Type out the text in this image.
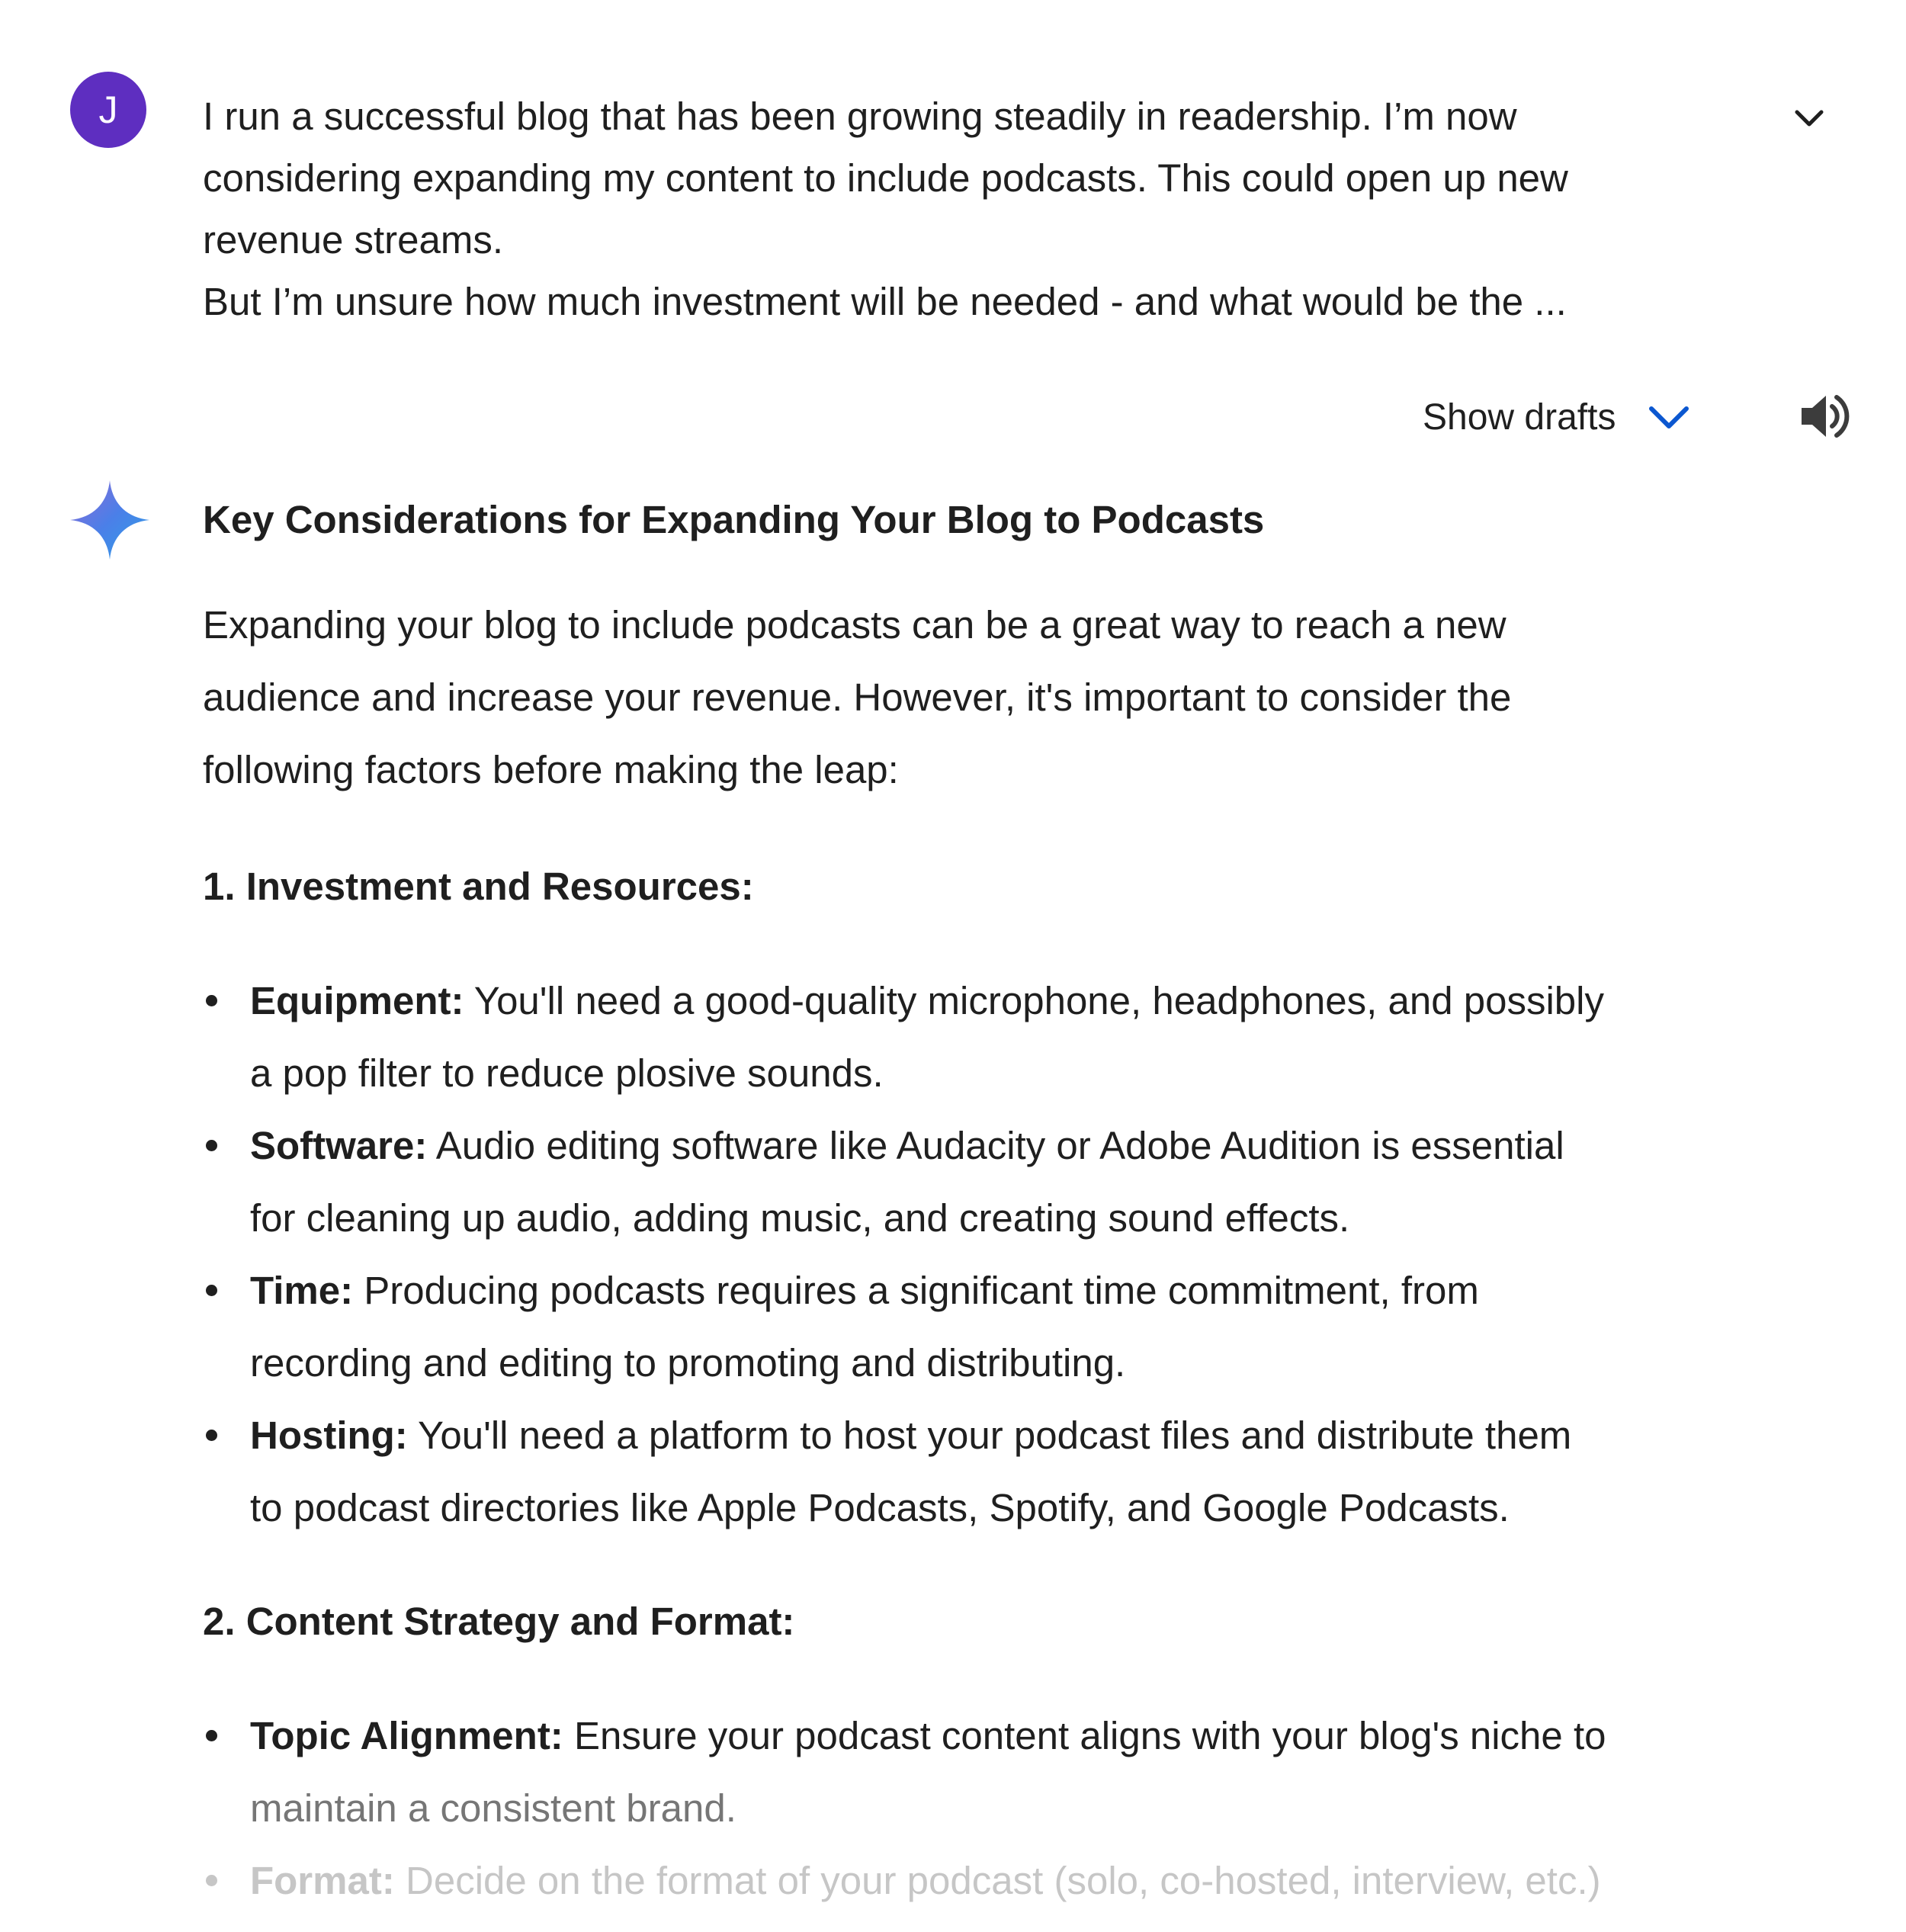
J I run a successful blog that has been growing steadily in readership. I’m now
considering expanding my content to include podcasts. This could open up new
revenue streams.
But I’m unsure how much investment will be needed - and what would be the ...
Show drafts
Key Considerations for Expanding Your Blog to Podcasts

Expanding your blog to include podcasts can be a great way to reach a new
audience and increase your revenue. However, it's important to consider the
following factors before making the leap:

1. Investment and Resources:
Equipment: You'll need a good-quality microphone, headphones, and possibly
a pop filter to reduce plosive sounds.
Software: Audio editing software like Audacity or Adobe Audition is essential
for cleaning up audio, adding music, and creating sound effects.
Time: Producing podcasts requires a significant time commitment, from
recording and editing to promoting and distributing.
Hosting: You'll need a platform to host your podcast files and distribute them
to podcast directories like Apple Podcasts, Spotify, and Google Podcasts.
2. Content Strategy and Format:
Topic Alignment: Ensure your podcast content aligns with your blog's niche to
maintain a consistent brand.
Format: Decide on the format of your podcast (solo, co-hosted, interview, etc.)
